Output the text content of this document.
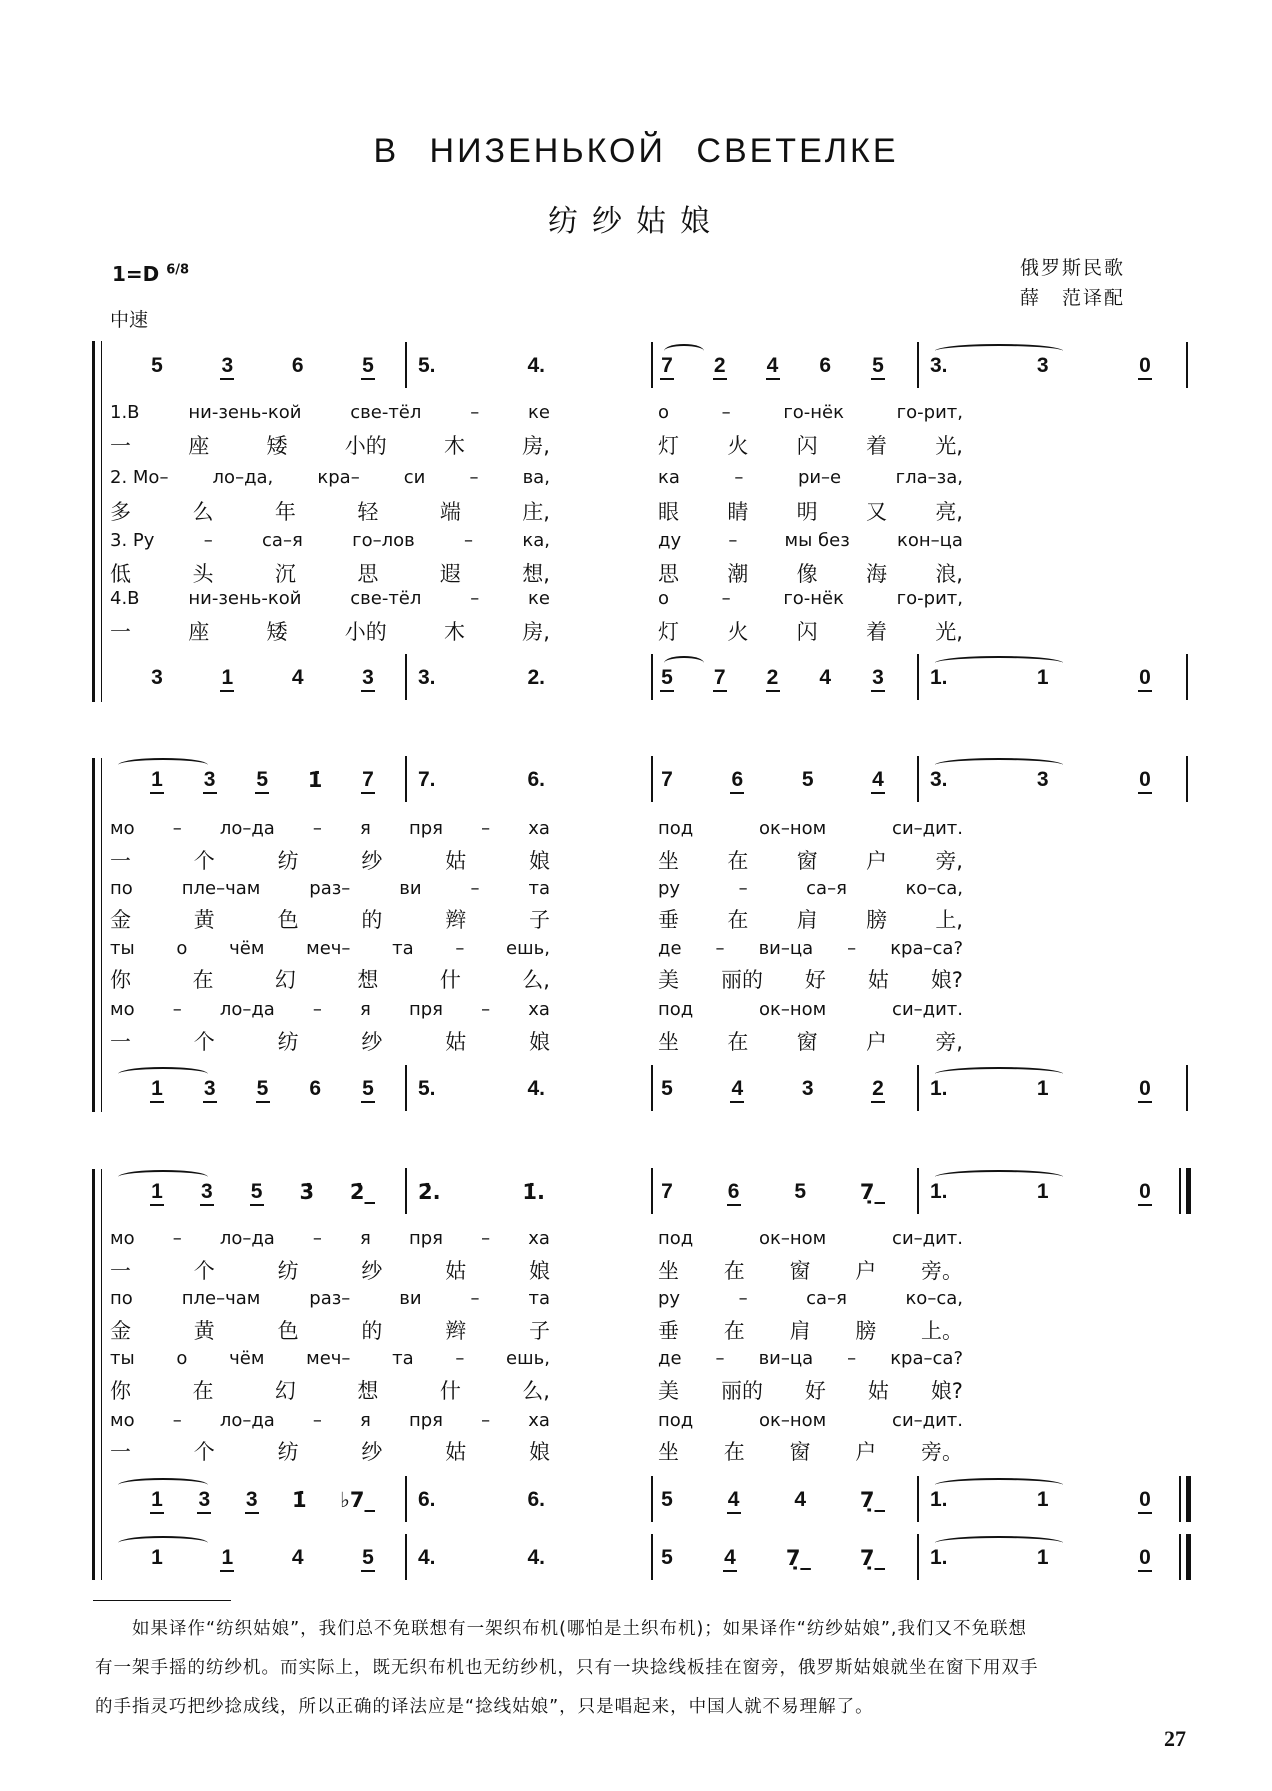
В НИЗЕНЬКОЙ СВЕТЕЛКЕ
纺纱姑娘
1=D $^{6/8}$
中速
俄罗斯民歌
薛　范译配
5	3	6	5 5.	4.	7 2 4 6 5 3.	3	0
3	1	4	3 3.	2.	5 7 2 4 3 1.	1	0
1.В	ни-зень-кой	све-тёл	–	ке	о	–	го-нёк	го-рит,
一	座	矮	小的	木	房,	灯 火 闪 着 光,
2. Мо– ло–да, кра– си – ва,	ка	–	ри–е	гла–за,
多	么	年	轻	端	庄,	眼 睛 明 又 亮,
3. Ру	–	са–я	го–лов	–	ка,	ду	–	мы без	кон–ца
低	头	沉	思	遐	想,	思 潮 像 海 浪,
4.В	ни-зень-кой	све-тёл	–	ке	о	–	го-нёк	го-рит,
一	座	矮	小的	木	房,	灯 火 闪 着 光,
1 3 5 1̇ 7 7.	6.	7	6	5	4 3.	3	0
1 3 5 6 5 5.	4.	5	4	3	2 1.	1	0
мо – ло–да – я пря – ха	под	ок–ном	си–дит.
一	个	纺	纱	姑	娘	坐 在 窗 户 旁,
по	пле–чам	раз–	ви	–	та	ру	–	са–я	ко–са,
金	黄	色	的	辫	子	垂 在 肩 膀 上,
ты о чём меч– та – ешь,	де – ви–ца – кра–са?
你	在	幻	想	什	么,	美 丽的 好 姑 娘?
мо – ло–да – я пря – ха	под	ок–ном	си–дит.
一	个	纺	纱	姑	娘	坐 在 窗 户 旁,
1 3 5 3̇ 2̇_ 2̇.	1̇.	7	6	5	7̣_ 1.	1	0
1 3 3 1̇ ♭7_ 6.	6.	5	4	4	7̣_ 1.	1	0
1	1	4	5 4.	4.	5 4 7̣_ 7̣_ 1.	1	0
мо – ло–да – я пря – ха	под	ок–ном	си–дит.
一	个	纺	纱	姑	娘	坐 在 窗 户 旁。
по	пле–чам	раз–	ви	–	та	ру	–	са–я	ко–са,
金	黄	色	的	辫	子	垂 在 肩 膀 上。
ты о чём меч– та – ешь,	де – ви–ца – кра–са?
你	在	幻	想	什	么,	美 丽的 好 姑 娘?
мо – ло–да – я пря – ха	под	ок–ном	си–дит.
一	个	纺	纱	姑	娘	坐 在 窗 户 旁。
　　如果译作“纺织姑娘”，我们总不免联想有一架织布机(哪怕是土织布机)；如果译作“纺纱姑娘”,我们又不免联想
有一架手摇的纺纱机。而实际上，既无织布机也无纺纱机，只有一块捻线板挂在窗旁，俄罗斯姑娘就坐在窗下用双手
的手指灵巧把纱捻成线，所以正确的译法应是“捻线姑娘”，只是唱起来，中国人就不易理解了。
27
